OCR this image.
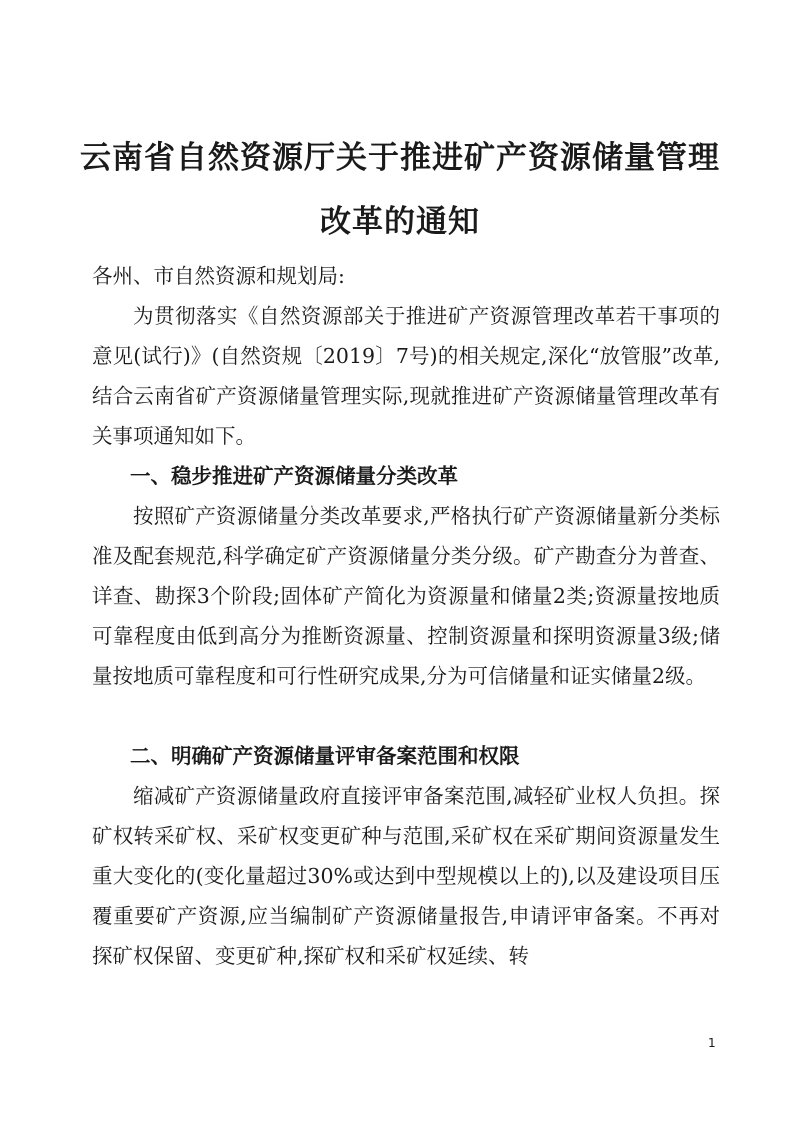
云南省自然资源厅关于推进矿产资源储量管理
改革的通知
各州、市自然资源和规划局:
为贯彻落实《自然资源部关于推进矿产资源管理改革若干事项的意见(试行)》(自然资规〔2019〕7号)的相关规定,深化“放管服”改革,结合云南省矿产资源储量管理实际,现就推进矿产资源储量管理改革有关事项通知如下。
一、稳步推进矿产资源储量分类改革
按照矿产资源储量分类改革要求,严格执行矿产资源储量新分类标准及配套规范,科学确定矿产资源储量分类分级。矿产勘查分为普查、详查、勘探3个阶段;固体矿产简化为资源量和储量2类;资源量按地质可靠程度由低到高分为推断资源量、控制资源量和探明资源量3级;储量按地质可靠程度和可行性研究成果,分为可信储量和证实储量2级。
二、明确矿产资源储量评审备案范围和权限
缩减矿产资源储量政府直接评审备案范围,减轻矿业权人负担。探矿权转采矿权、采矿权变更矿种与范围,采矿权在采矿期间资源量发生重大变化的(变化量超过30%或达到中型规模以上的),以及建设项目压覆重要矿产资源,应当编制矿产资源储量报告,申请评审备案。不再对探矿权保留、变更矿种,探矿权和采矿权延续、转
1
